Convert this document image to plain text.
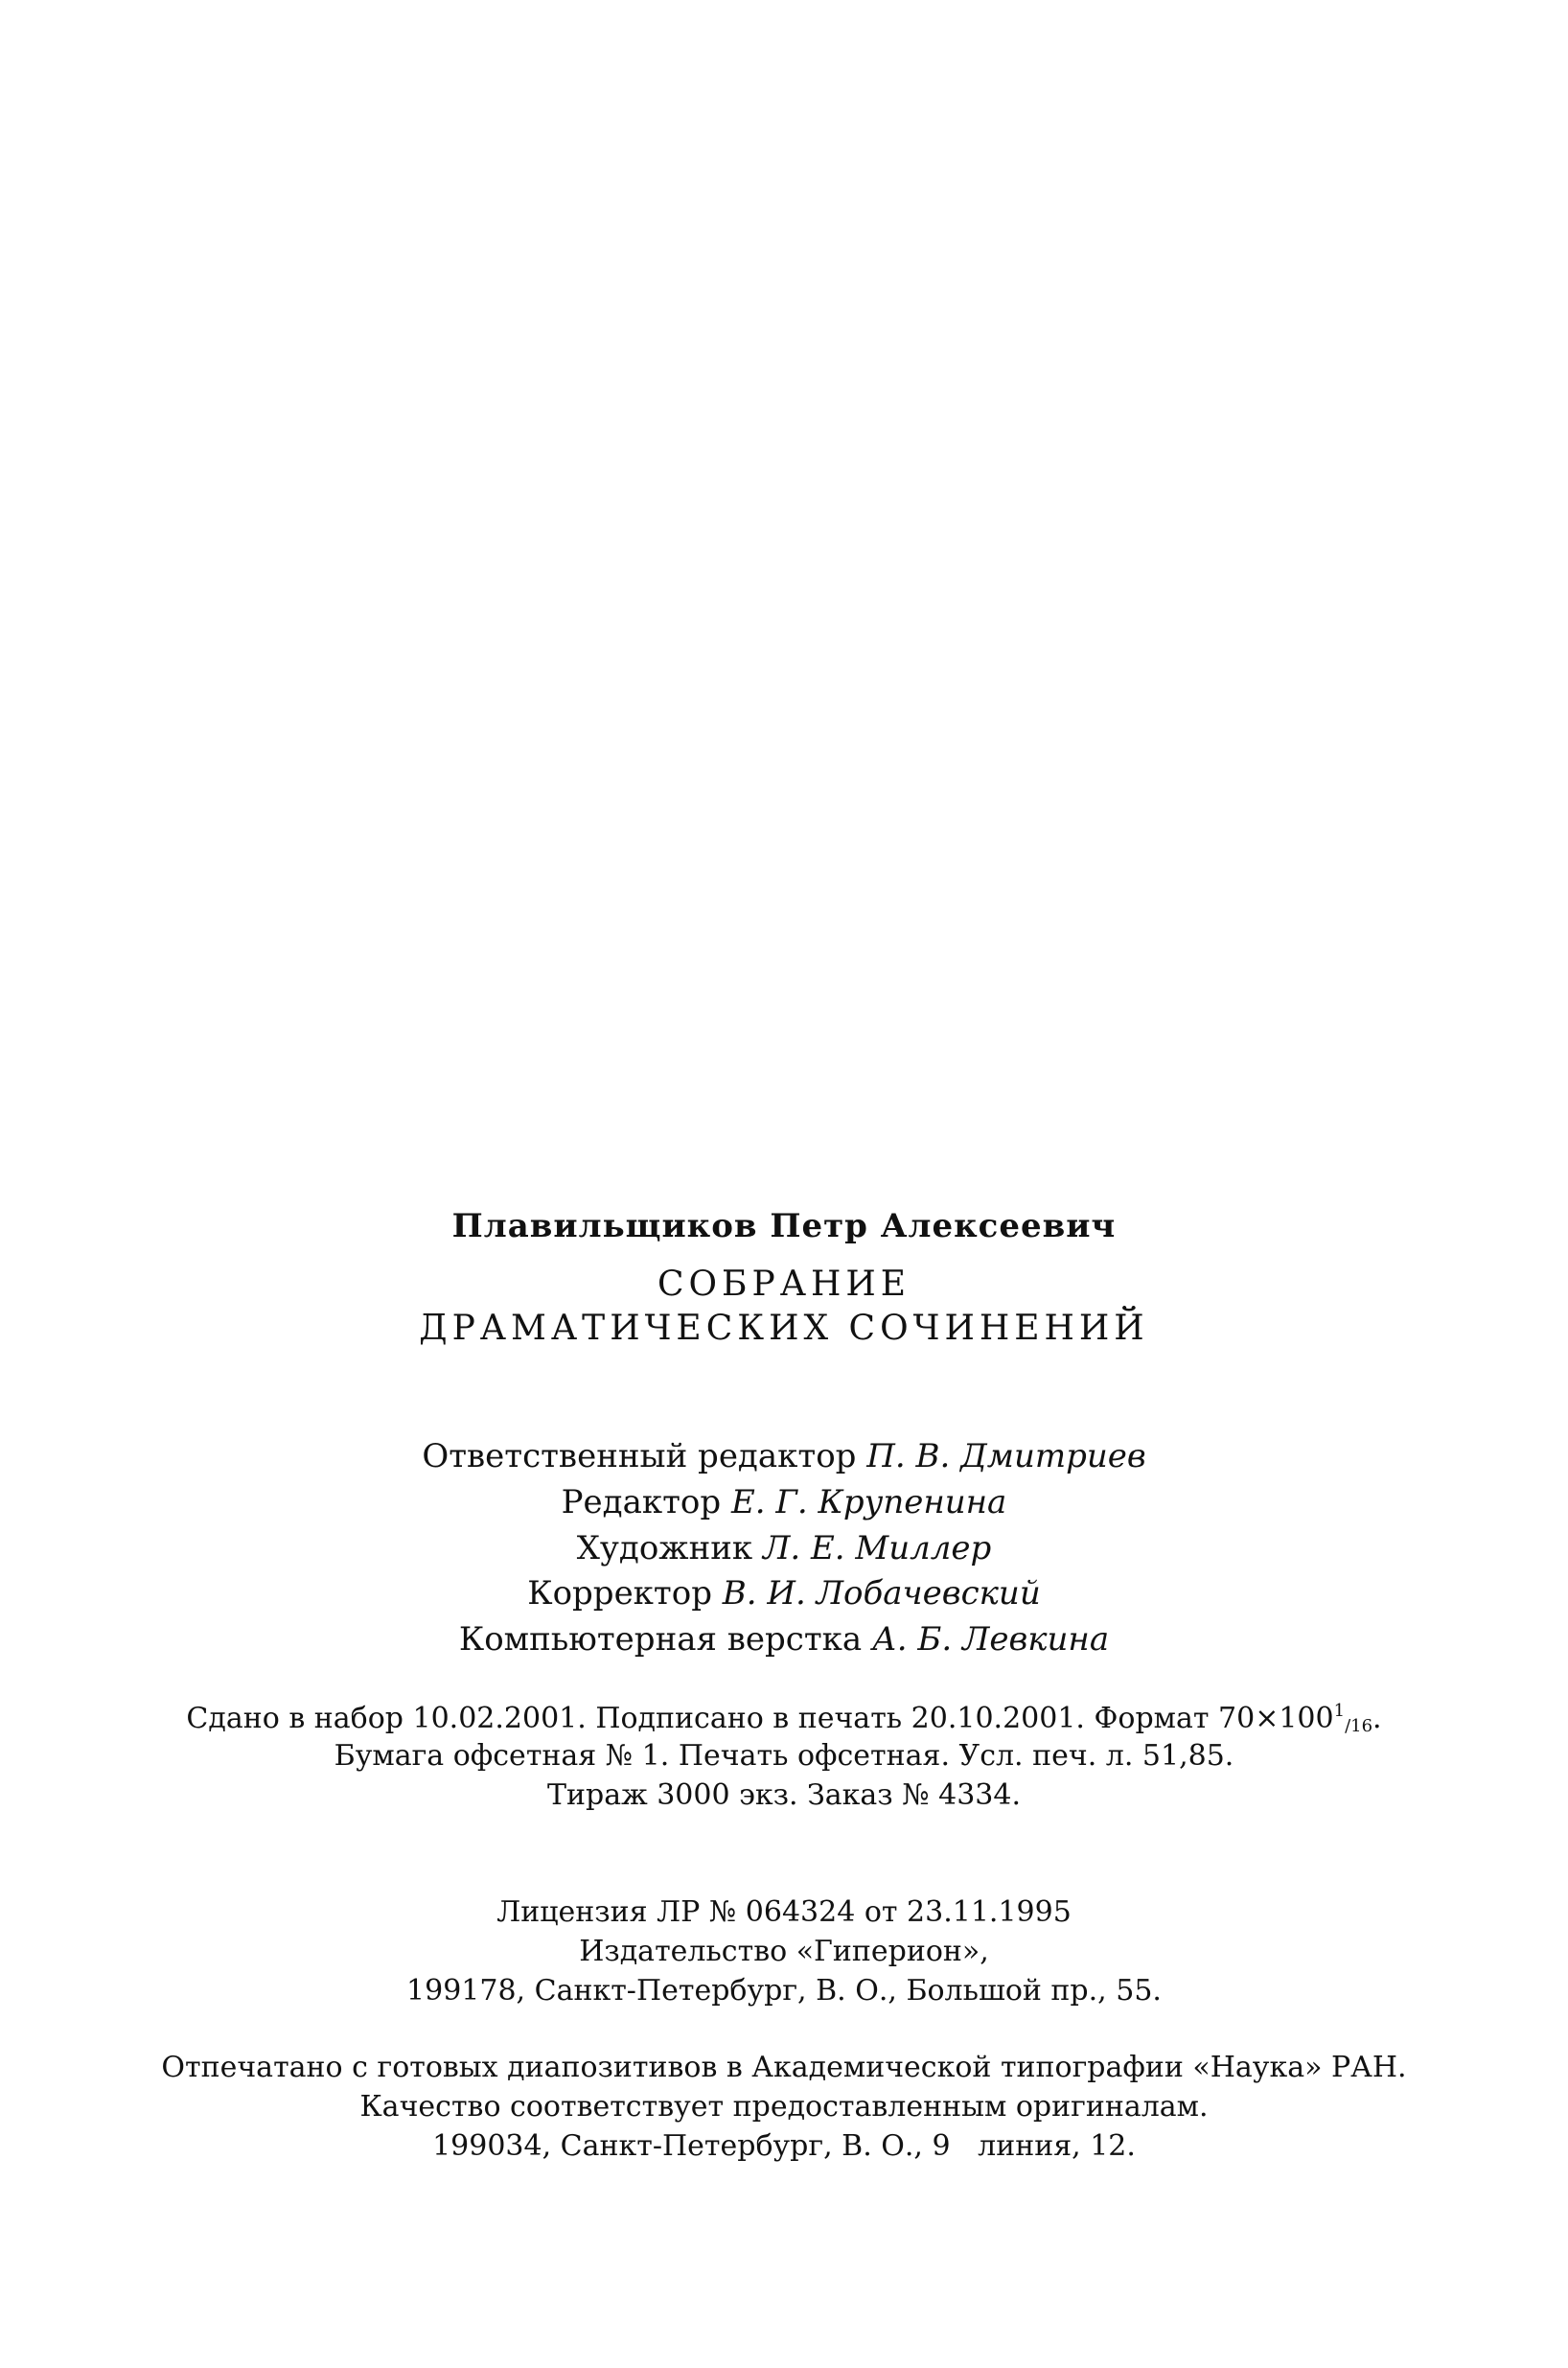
Плавильщиков Петр Алексеевич
СОБРАНИЕ
ДРАМАТИЧЕСКИХ СОЧИНЕНИЙ
Ответственный редактор П. В. Дмитриев
Редактор Е. Г. Крупенина
Художник Л. Е. Миллер
Корректор В. И. Лобачевский
Компьютерная верстка А. Б. Левкина
Сдано в набор 10.02.2001. Подписано в печать 20.10.2001. Формат $70\times 100^1/16$.
Бумага офсетная № 1. Печать офсетная. Усл. печ. л. 51,85.
Тираж 3000 экз. Заказ № 4334.
Лицензия ЛР № 064324 от 23.11.1995
Издательство «Гиперион»,
199178, Санкт-Петербург, В. О., Большой пр., 55.
Отпечатано с готовых диапозитивов в Академической типографии «Наука» РАН.
Качество соответствует предоставленным оригиналам.
199034, Санкт-Петербург, В. О., 9   линия, 12.
